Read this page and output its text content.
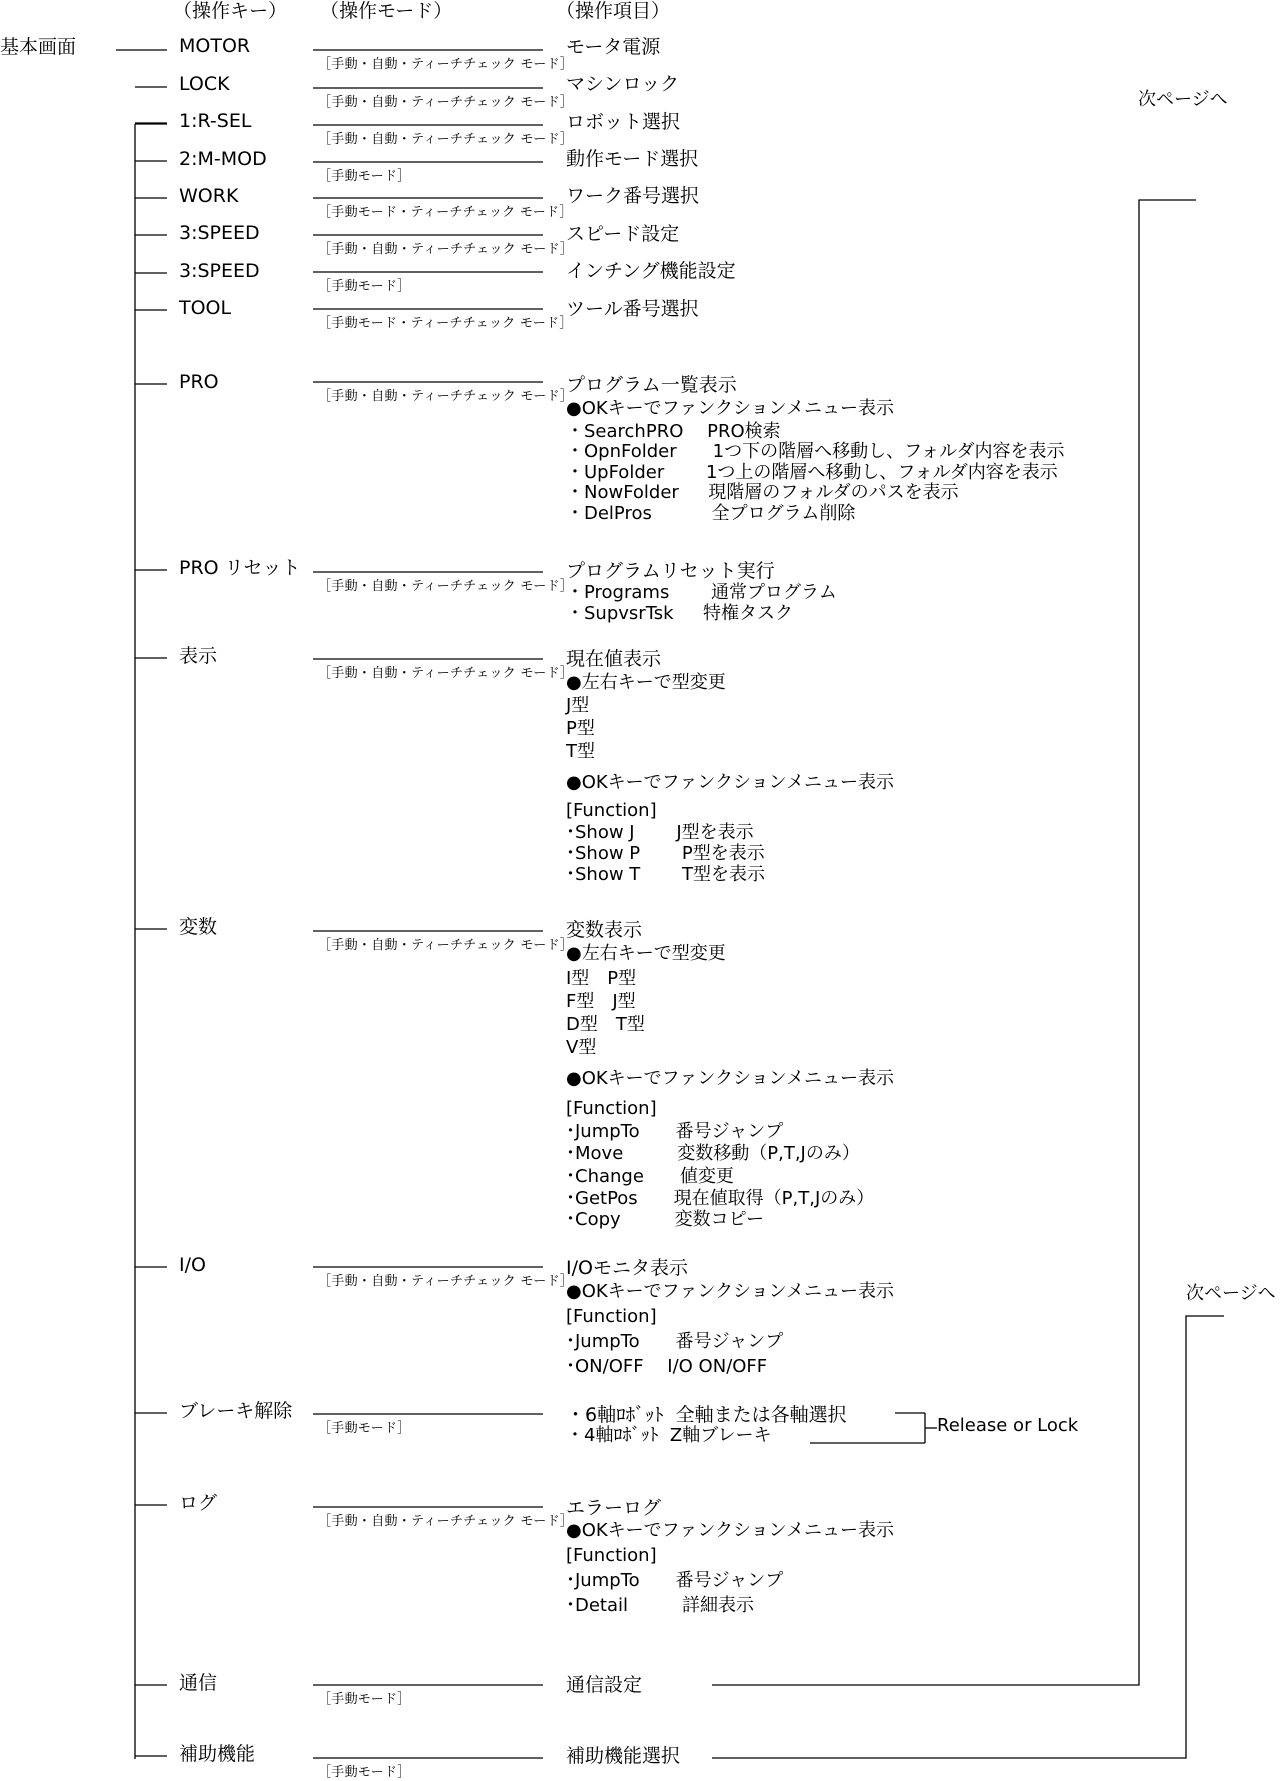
（操作キー） （操作モード）	（操作項目）
基本画面
次ページへ
次ページへ
Release or Lock
MOTOR
［手動・自動・ティーチチェック モード］
モータ電源
LOCK
［手動・自動・ティーチチェック モード］
マシンロック
1:R-SEL
［手動・自動・ティーチチェック モード］
ロボット選択
2:M-MOD
［手動モード］
動作モード選択
WORK
［手動モード・ティーチチェック モード］
ワーク番号選択
3:SPEED
［手動・自動・ティーチチェック モード］
スピード設定
3:SPEED
［手動モード］
インチング機能設定
TOOL
［手動モード・ティーチチェック モード］
ツール番号選択
PRO
［手動・自動・ティーチチェック モード］
プログラム一覧表示
●OKキーでファンクションメニュー表示
・SearchPRO　 PRO検索
・OpnFolder　　1つ下の階層へ移動し、フォルダ内容を表示
・UpFolder　　 1つ上の階層へ移動し、フォルダ内容を表示
・NowFolder　  現階層のフォルダのパスを表示
・DelPros　　　 全プログラム削除
PRO リセット
［手動・自動・ティーチチェック モード］
プログラムリセット実行
・Programs　　 通常プログラム
・SupvsrTsk　  特権タスク
表示
［手動・自動・ティーチチェック モード］
現在値表示
●左右キーで型変更
J型
P型
T型
●OKキーでファンクションメニュー表示
[Function]
･Show J　　 J型を表示
･Show P　　 P型を表示
･Show T　　 T型を表示
変数
［手動・自動・ティーチチェック モード］
変数表示
●左右キーで型変更
I型　P型
F型　J型
D型　T型
V型
●OKキーでファンクションメニュー表示
[Function]
･JumpTo　　番号ジャンプ
･Move　　　変数移動（P,T,Jのみ）
･Change　　値変更
･GetPos　　現在値取得（P,T,Jのみ）
･Copy　　　変数コピー
I/O
［手動・自動・ティーチチェック モード］
I/Oモニタ表示
●OKキーでファンクションメニュー表示
[Function]
･JumpTo　　番号ジャンプ
･ON/OFF　 I/O ON/OFF
ブレーキ解除
［手動モード］
・6軸ﾛﾎﾞｯﾄ  全軸または各軸選択
・4軸ﾛﾎﾞｯﾄ  Z軸ブレーキ
ログ
［手動・自動・ティーチチェック モード］
エラーログ
●OKキーでファンクションメニュー表示
[Function]
･JumpTo　　番号ジャンプ
･Detail　　　詳細表示
通信
［手動モード］
通信設定
補助機能
［手動モード］
補助機能選択
